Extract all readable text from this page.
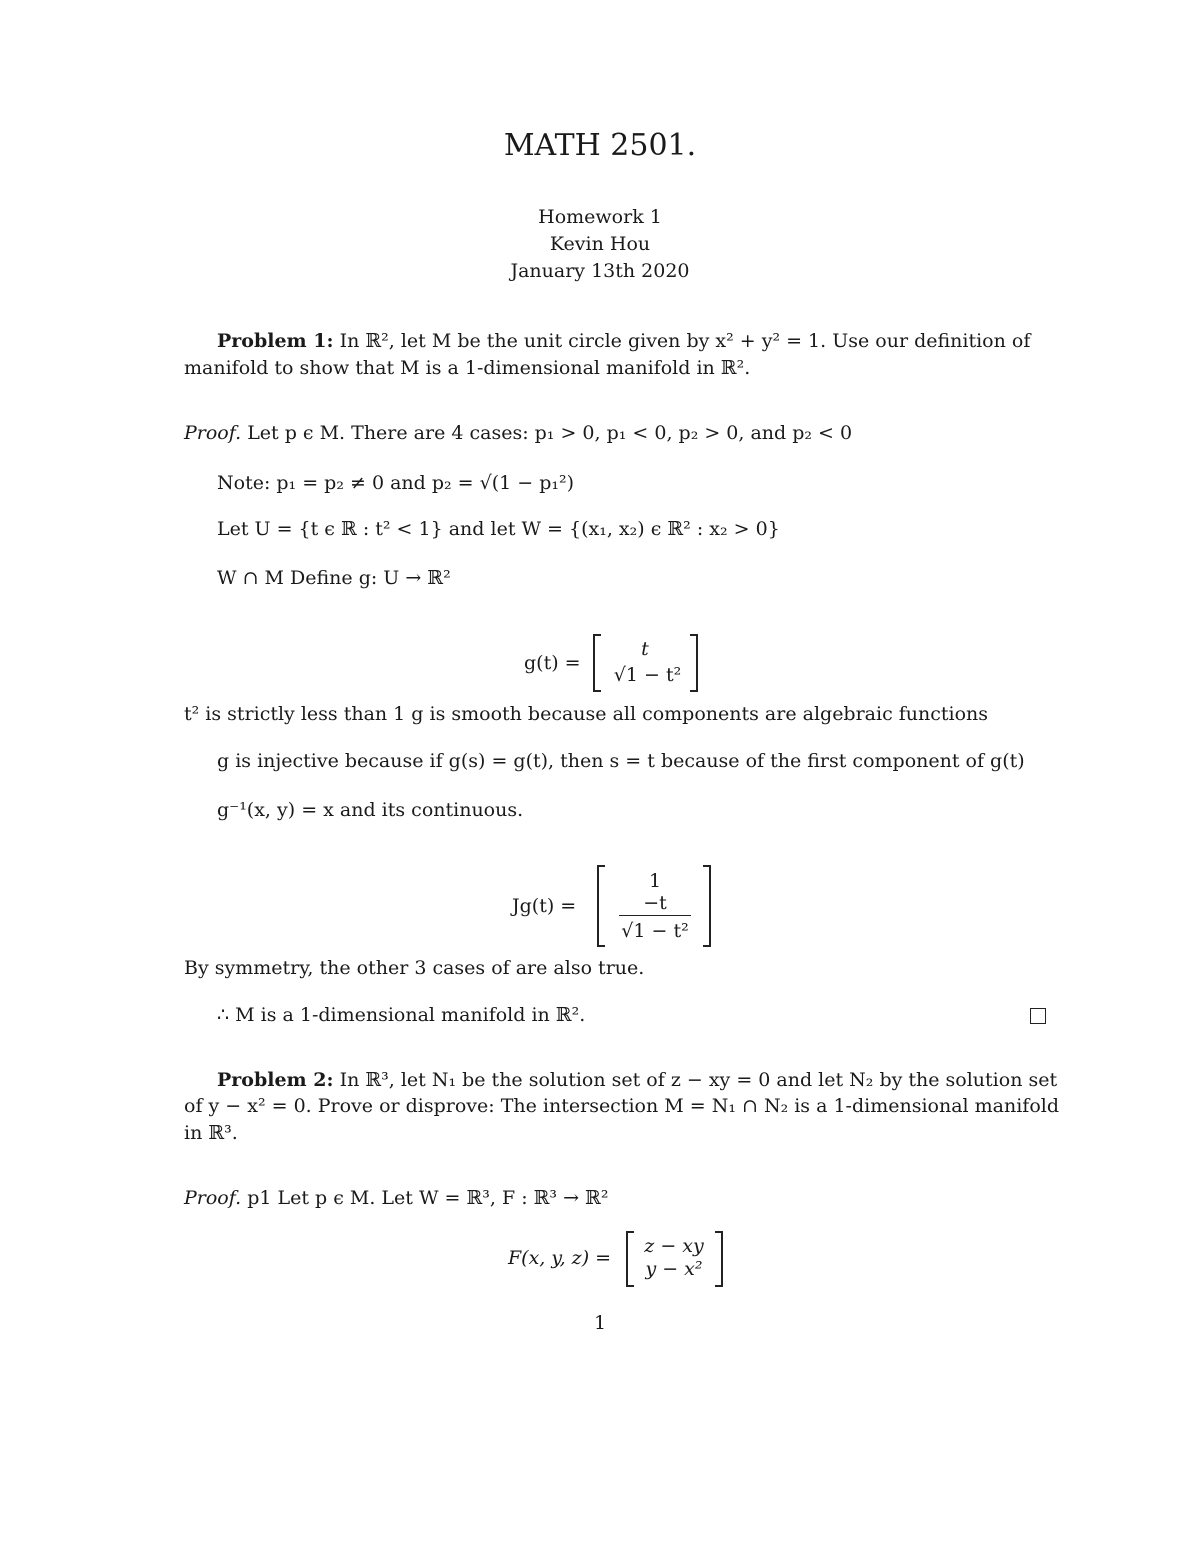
MATH 2501.
Homework 1
Kevin Hou
January 13th 2020
Problem 1: In ℝ², let M be the unit circle given by x² + y² = 1. Use our definition of
manifold to show that M is a 1-dimensional manifold in ℝ².
Proof. Let p ϵ M. There are 4 cases: p₁ > 0, p₁ < 0, p₂ > 0, and p₂ < 0
Note: p₁ = p₂ ≠ 0 and p₂ = √(1 − p₁²)
Let U = {t ϵ ℝ : t² < 1} and let W = {(x₁, x₂) ϵ ℝ² : x₂ > 0}
W ∩ M Define g: U → ℝ²
g(t) =
t
√1 − t²
t² is strictly less than 1 g is smooth because all components are algebraic functions
g is injective because if g(s) = g(t), then s = t because of the first component of g(t)
g⁻¹(x, y) = x and its continuous.
Jg(t) =
1
−t
√1 − t²
By symmetry, the other 3 cases of are also true.
∴ M is a 1-dimensional manifold in ℝ².
Problem 2: In ℝ³, let N₁ be the solution set of z − xy = 0 and let N₂ by the solution set
of y − x² = 0. Prove or disprove: The intersection M = N₁ ∩ N₂ is a 1-dimensional manifold
in ℝ³.
Proof. p1 Let p ϵ M. Let W = ℝ³, F : ℝ³ → ℝ²
F(x, y, z) =
z − xy
y − x²
1
